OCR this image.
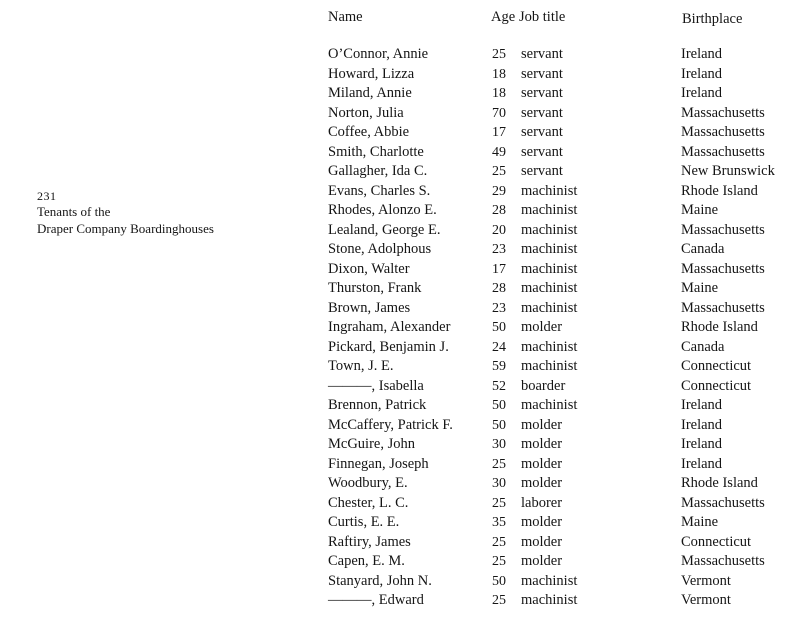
231
Tenants of the
Draper Company Boardinghouses
Name	Age Job title	Birthplace
O’Connor, Annie	25	servant	Ireland
Howard, Lizza	18	servant	Ireland
Miland, Annie	18	servant	Ireland
Norton, Julia	70	servant	Massachusetts
Coffee, Abbie	17	servant	Massachusetts
Smith, Charlotte	49	servant	Massachusetts
Gallagher, Ida C.	25	servant	New Brunswick
Evans, Charles S.	29	machinist	Rhode Island
Rhodes, Alonzo E.	28	machinist	Maine
Lealand, George E.	20	machinist	Massachusetts
Stone, Adolphous	23	machinist	Canada
Dixon, Walter	17	machinist	Massachusetts
Thurston, Frank	28	machinist	Maine
Brown, James	23	machinist	Massachusetts
Ingraham, Alexander	50	molder	Rhode Island
Pickard, Benjamin J.	24	machinist	Canada
Town, J. E.	59	machinist	Connecticut
———, Isabella	52	boarder	Connecticut
Brennon, Patrick	50	machinist	Ireland
McCaffery, Patrick F.	50	molder	Ireland
McGuire, John	30	molder	Ireland
Finnegan, Joseph	25	molder	Ireland
Woodbury, E.	30	molder	Rhode Island
Chester, L. C.	25	laborer	Massachusetts
Curtis, E. E.	35	molder	Maine
Raftiry, James	25	molder	Connecticut
Capen, E. M.	25	molder	Massachusetts
Stanyard, John N.	50	machinist	Vermont
———, Edward	25	machinist	Vermont
